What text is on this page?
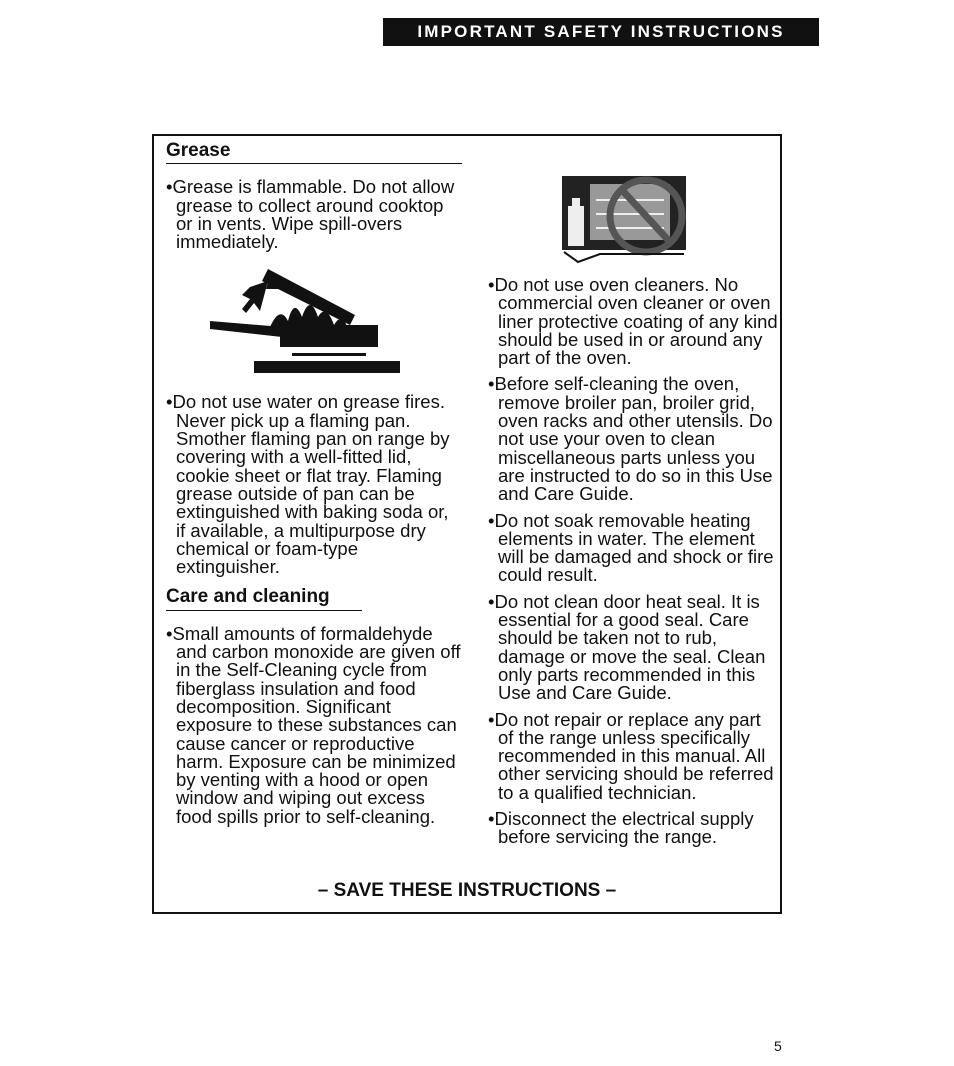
IMPORTANT SAFETY INSTRUCTIONS
Grease
•Grease is flammable. Do not allow grease to collect around cooktop or in vents. Wipe spill-overs immediately.
•Do not use water on grease fires. Never pick up a flaming pan. Smother flaming pan on range by covering with a well-fitted lid, cookie sheet or flat tray. Flaming grease outside of pan can be extinguished with baking soda or, if available, a multipurpose dry chemical or foam-type extinguisher.
Care and cleaning
•Small amounts of formaldehyde and carbon monoxide are given off in the Self-Cleaning cycle from fiberglass insulation and food decomposition. Significant exposure to these substances can cause cancer or reproductive harm. Exposure can be minimized by venting with a hood or open window and wiping out excess food spills prior to self-cleaning.
•Do not use oven cleaners. No commercial oven cleaner or oven liner protective coating of any kind should be used in or around any part of the oven.
•Before self-cleaning the oven, remove broiler pan, broiler grid, oven racks and other utensils. Do not use your oven to clean miscellaneous parts unless you are instructed to do so in this Use and Care Guide.
•Do not soak removable heating elements in water. The element will be damaged and shock or fire could result.
•Do not clean door heat seal. It is essential for a good seal. Care should be taken not to rub, damage or move the seal. Clean only parts recommended in this Use and Care Guide.
•Do not repair or replace any part of the range unless specifically recommended in this manual. All other servicing should be referred to a qualified technician.
•Disconnect the electrical supply before servicing the range.
– SAVE THESE INSTRUCTIONS –
5
